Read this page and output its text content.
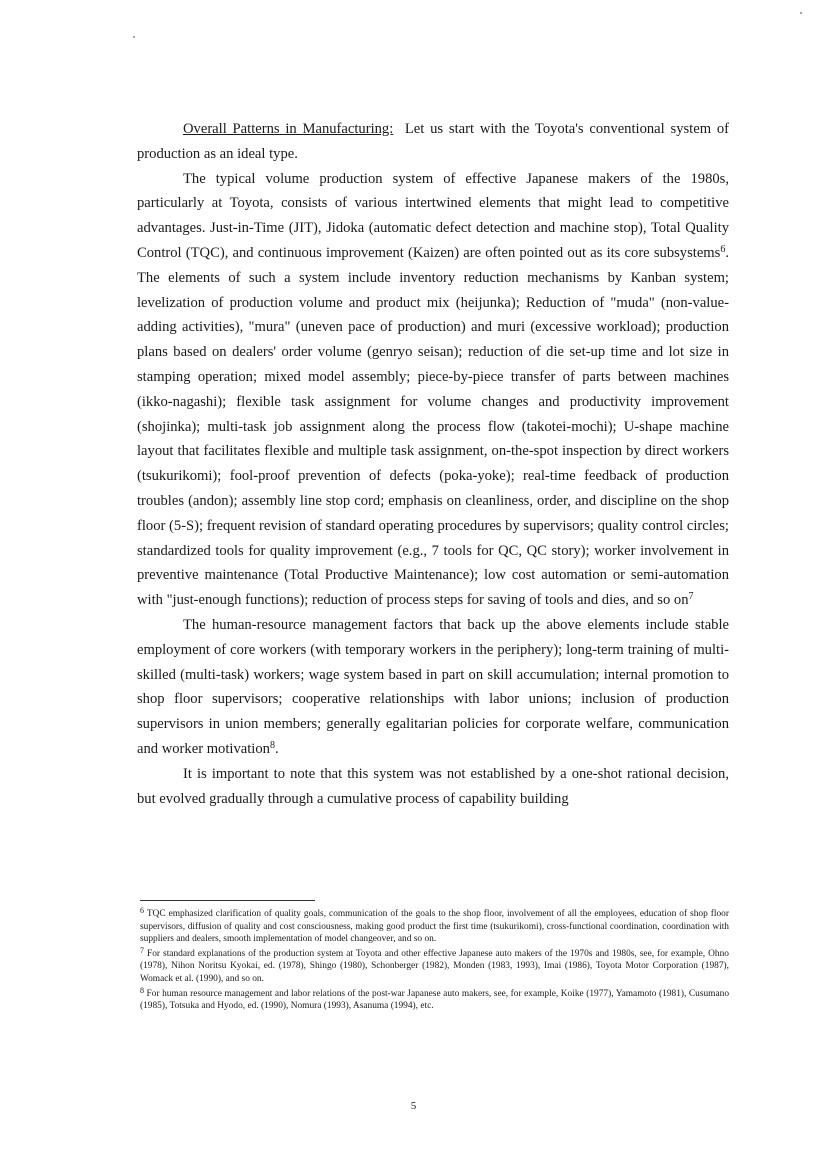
Overall Patterns in Manufacturing: Let us start with the Toyota's conventional system of production as an ideal type.

The typical volume production system of effective Japanese makers of the 1980s, particularly at Toyota, consists of various intertwined elements that might lead to competitive advantages. Just-in-Time (JIT), Jidoka (automatic defect detection and machine stop), Total Quality Control (TQC), and continuous improvement (Kaizen) are often pointed out as its core subsystems$^6$. The elements of such a system include inventory reduction mechanisms by Kanban system; levelization of production volume and product mix (heijunka); Reduction of "muda" (non-value-adding activities), "mura" (uneven pace of production) and muri (excessive workload); production plans based on dealers' order volume (genryo seisan); reduction of die set-up time and lot size in stamping operation; mixed model assembly; piece-by-piece transfer of parts between machines (ikko-nagashi); flexible task assignment for volume changes and productivity improvement (shojinka); multi-task job assignment along the process flow (takotei-mochi); U-shape machine layout that facilitates flexible and multiple task assignment, on-the-spot inspection by direct workers (tsukurikomi); fool-proof prevention of defects (poka-yoke); real-time feedback of production troubles (andon); assembly line stop cord; emphasis on cleanliness, order, and discipline on the shop floor (5-S); frequent revision of standard operating procedures by supervisors; quality control circles; standardized tools for quality improvement (e.g., 7 tools for QC, QC story); worker involvement in preventive maintenance (Total Productive Maintenance); low cost automation or semi-automation with "just-enough functions); reduction of process steps for saving of tools and dies, and so $on^7$

The human-resource management factors that back up the above elements include stable employment of core workers (with temporary workers in the periphery); long-term training of multi-skilled (multi-task) workers; wage system based in part on skill accumulation; internal promotion to shop floor supervisors; cooperative relationships with labor unions; inclusion of production supervisors in union members; generally egalitarian policies for corporate welfare, communication and worker motivation$^8$.

It is important to note that this system was not established by a one-shot rational decision, but evolved gradually through a cumulative process of capability building

$^6$ TQC emphasized clarification of quality goals, communication of the goals to the shop floor, involvement of all the employees, education of shop floor supervisors, diffusion of quality and cost consciousness, making good product the first time (tsukurikomi), cross-functional coordination, coordination with suppliers and dealers, smooth implementation of model changeover, and so on.

$^7$ For standard explanations of the production system at Toyota and other effective Japanese auto makers of the 1970s and 1980s, see, for example, Ohno (1978), Nihon Noritsu Kyokai, ed. (1978), Shingo (1980), Schonberger (1982), Monden (1983, 1993), Imai (1986), Toyota Motor Corporation (1987), Womack et al. (1990), and so on.

$^8$ For human resource management and labor relations of the post-war Japanese auto makers, see, for example, Koike (1977), Yamamoto (1981), Cusumano (1985), Totsuka and Hyodo, ed. (1990), Nomura (1993), Asanuma (1994), etc.

5
